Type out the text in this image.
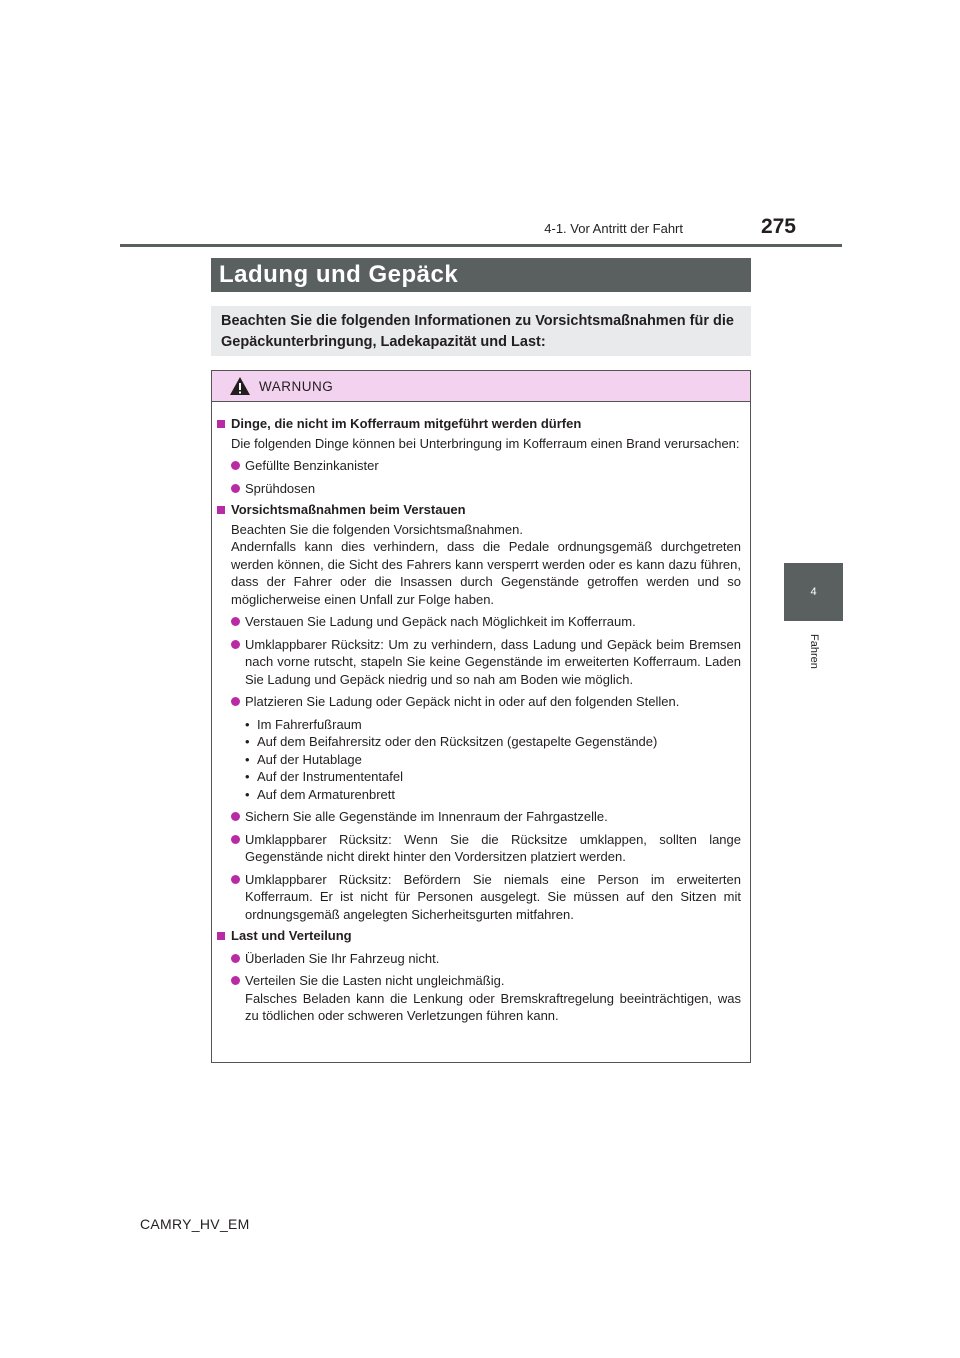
275
4-1. Vor Antritt der Fahrt
4
Fahren
Ladung und Gepäck
Beachten Sie die folgenden Informationen zu Vorsichtsmaßnahmen für die Gepäckunterbringung, Ladekapazität und Last:
WARNUNG
Dinge, die nicht im Kofferraum mitgeführt werden dürfen
Die folgenden Dinge können bei Unterbringung im Kofferraum einen Brand verursachen:
Gefüllte Benzinkanister
Sprühdosen
Vorsichtsmaßnahmen beim Verstauen
Beachten Sie die folgenden Vorsichtsmaßnahmen.
Andernfalls kann dies verhindern, dass die Pedale ordnungsgemäß durchgetreten werden können, die Sicht des Fahrers kann versperrt werden oder es kann dazu führen, dass der Fahrer oder die Insassen durch Gegenstände getroffen werden und so möglicherweise einen Unfall zur Folge haben.
Verstauen Sie Ladung und Gepäck nach Möglichkeit im Kofferraum.
Umklappbarer Rücksitz: Um zu verhindern, dass Ladung und Gepäck beim Bremsen nach vorne rutscht, stapeln Sie keine Gegenstände im erweiterten Kofferraum. Laden Sie Ladung und Gepäck niedrig und so nah am Boden wie möglich.
Platzieren Sie Ladung oder Gepäck nicht in oder auf den folgenden Stellen.
• Im Fahrerfußraum
• Auf dem Beifahrersitz oder den Rücksitzen (gestapelte Gegenstände)
• Auf der Hutablage
• Auf der Instrumententafel
• Auf dem Armaturenbrett
Sichern Sie alle Gegenstände im Innenraum der Fahrgastzelle.
Umklappbarer Rücksitz: Wenn Sie die Rücksitze umklappen, sollten lange Gegenstände nicht direkt hinter den Vordersitzen platziert werden.
Umklappbarer Rücksitz: Befördern Sie niemals eine Person im erweiterten Kofferraum. Er ist nicht für Personen ausgelegt. Sie müssen auf den Sitzen mit ordnungsgemäß angelegten Sicherheitsgurten mitfahren.
Last und Verteilung
Überladen Sie Ihr Fahrzeug nicht.
Verteilen Sie die Lasten nicht ungleichmäßig.
Falsches Beladen kann die Lenkung oder Bremskraftregelung beeinträchtigen, was zu tödlichen oder schweren Verletzungen führen kann.
CAMRY_HV_EM
